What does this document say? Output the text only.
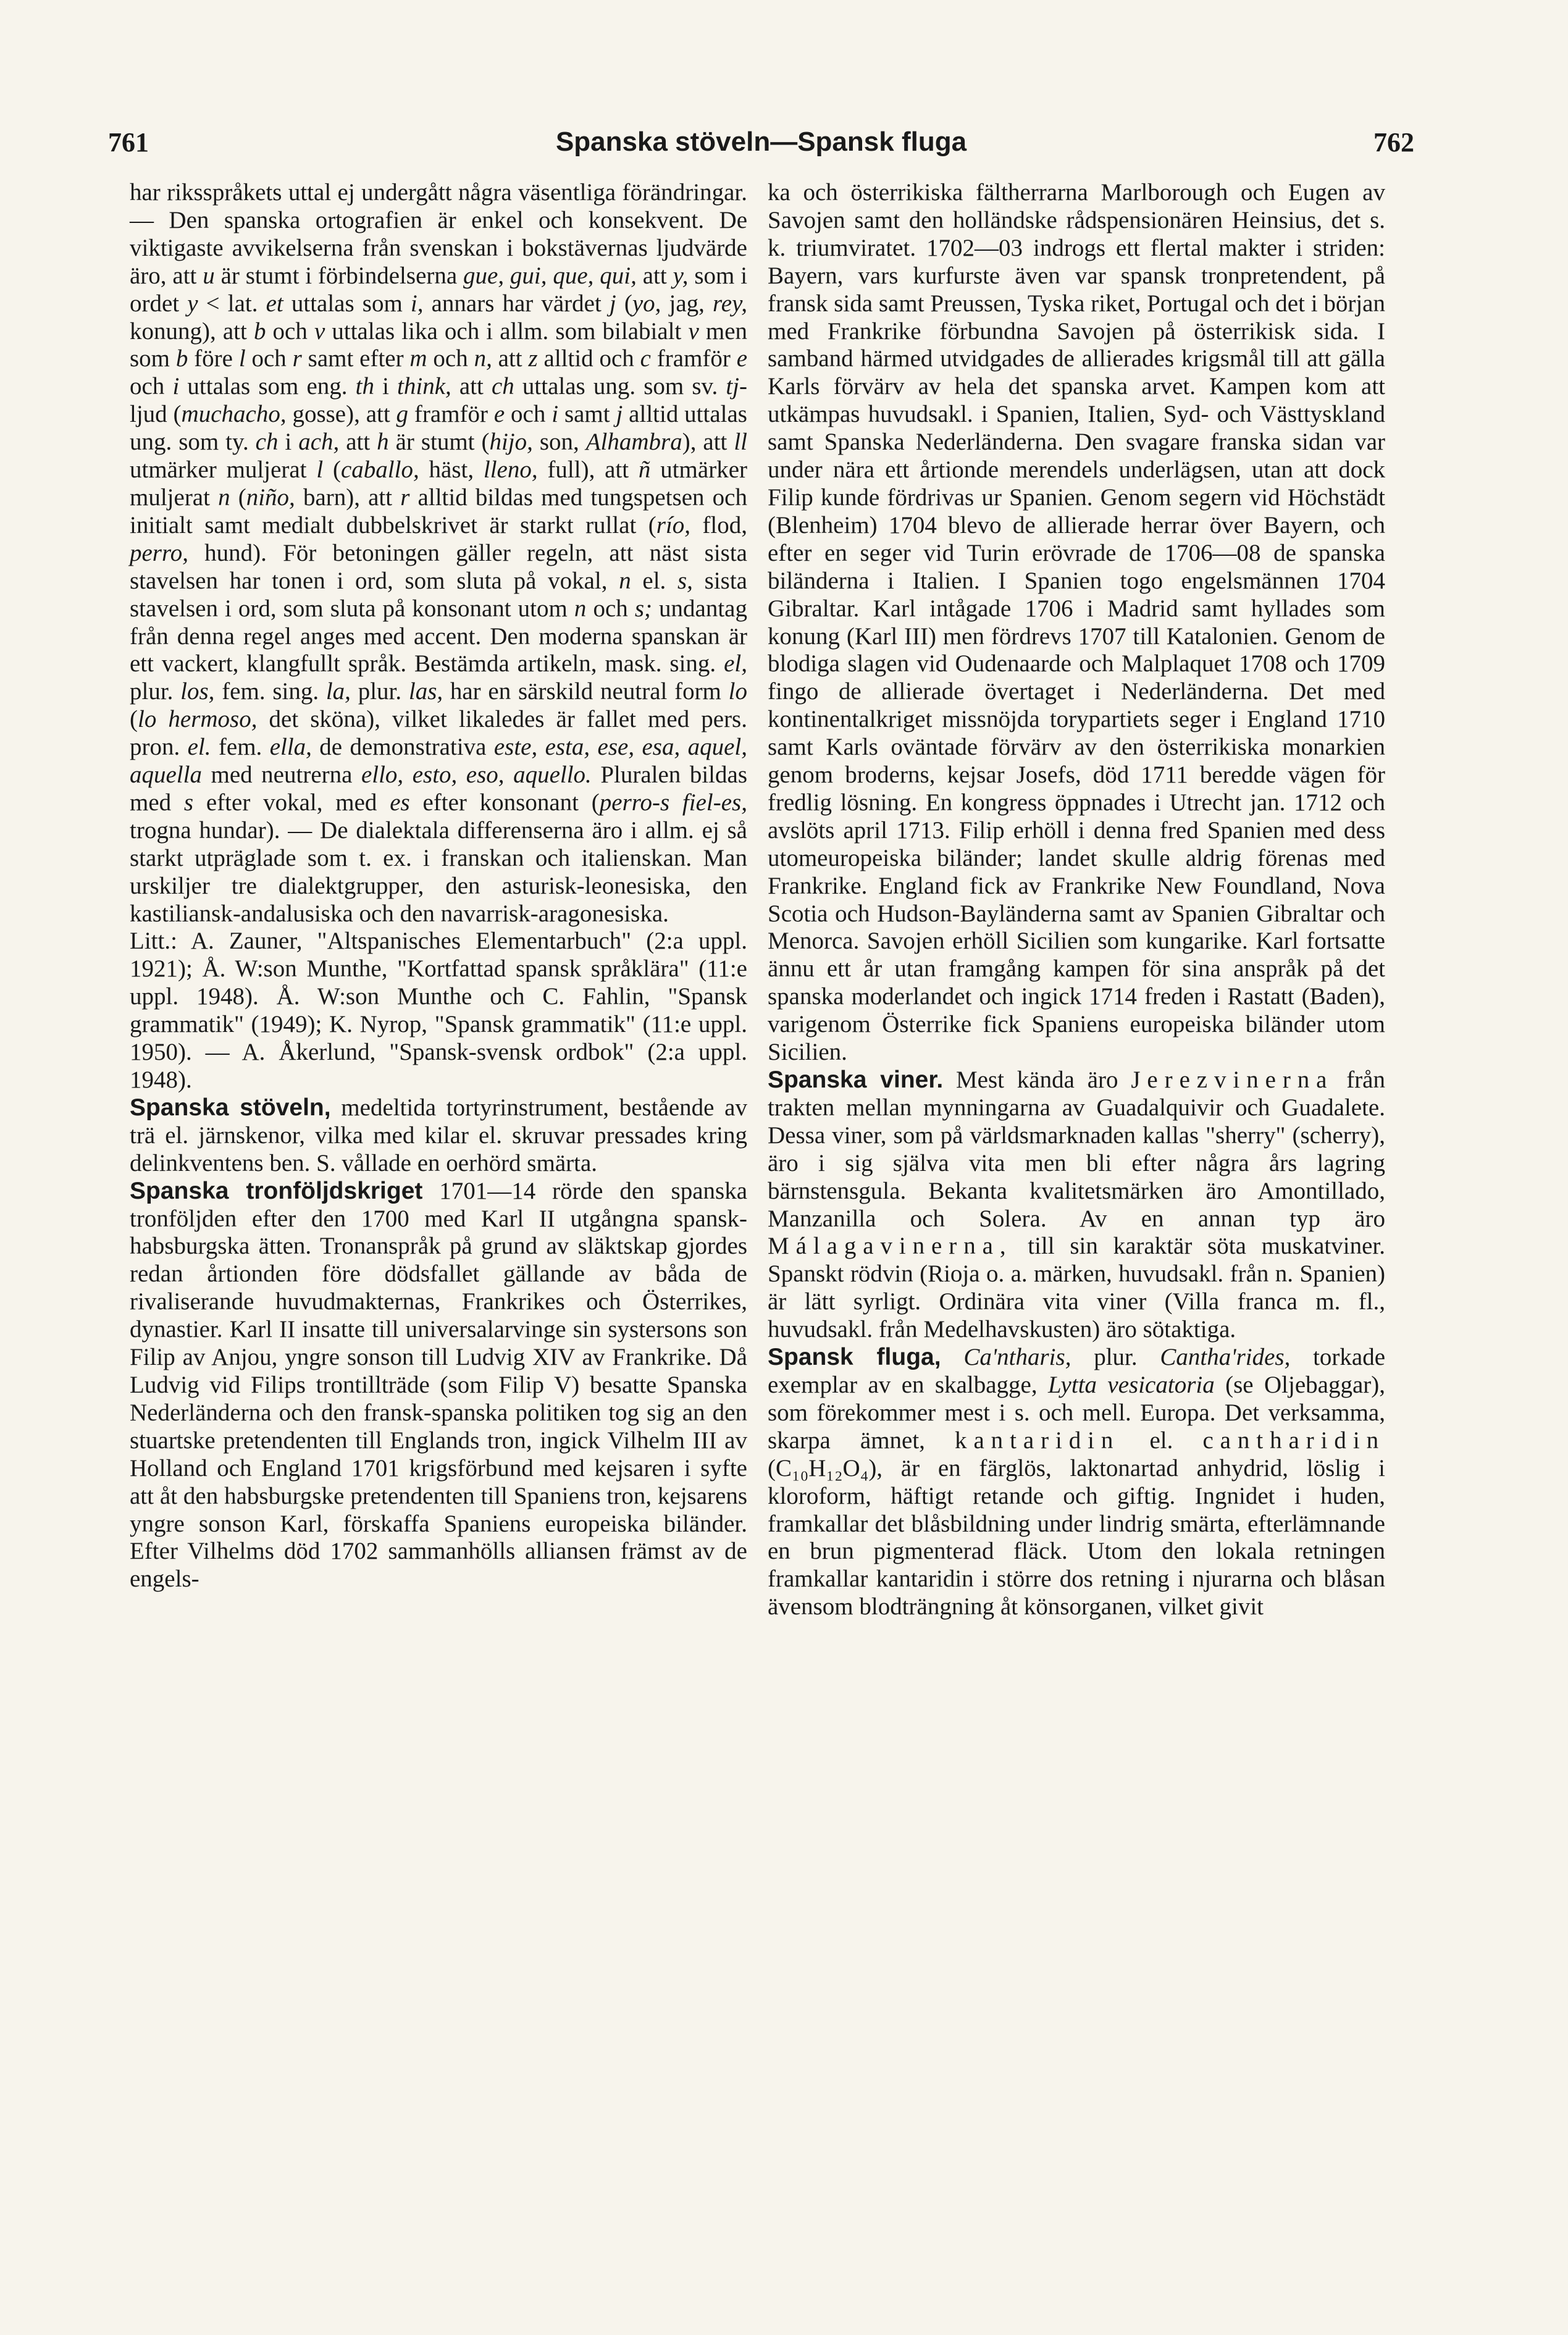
761	Spanska stöveln—Spansk fluga	762

har riksspråkets uttal ej undergått några väsentliga förändringar. — Den spanska ortografien är enkel och konsekvent. De viktigaste avvikelserna från svenskan i bokstävernas ljudvärde äro, att u är stumt i förbindelserna gue, gui, que, qui, att y, som i ordet y < lat. et uttalas som i, annars har värdet j (yo, jag, rey, konung), att b och v uttalas lika och i allm. som bilabialt v men som b före l och r samt efter m och n, att z alltid och c framför e och i uttalas som eng. th i think, att ch uttalas ung. som sv. tj-ljud (muchacho, gosse), att g framför e och i samt j alltid uttalas ung. som ty. ch i ach, att h är stumt (hijo, son, Alhambra), att ll utmärker muljerat l (caballo, häst, lleno, full), att ñ utmärker muljerat n (niño, barn), att r alltid bildas med tungspetsen och initialt samt medialt dubbelskrivet är starkt rullat (río, flod, perro, hund). För betoningen gäller regeln, att näst sista stavelsen har tonen i ord, som sluta på vokal, n el. s, sista stavelsen i ord, som sluta på konsonant utom n och s; undantag från denna regel anges med accent. Den moderna spanskan är ett vackert, klangfullt språk. Bestämda artikeln, mask. sing. el, plur. los, fem. sing. la, plur. las, har en särskild neutral form lo (lo hermoso, det sköna), vilket likaledes är fallet med pers. pron. el. fem. ella, de demonstrativa este, esta, ese, esa, aquel, aquella med neutrerna ello, esto, eso, aquello. Pluralen bildas med s efter vokal, med es efter konsonant (perro-s fiel-es, trogna hundar). — De dialektala differenserna äro i allm. ej så starkt utpräglade som t. ex. i franskan och italienskan. Man urskiljer tre dialektgrupper, den asturisk-leonesiska, den kastiliansk-andalusiska och den navarrisk-aragonesiska.

Litt.: A. Zauner, "Altspanisches Elementarbuch" (2:a uppl. 1921); Å. W:son Munthe, "Kortfattad spansk språklära" (11:e uppl. 1948). Å. W:son Munthe och C. Fahlin, "Spansk grammatik" (1949); K. Nyrop, "Spansk grammatik" (11:e uppl. 1950). — A. Åkerlund, "Spansk-svensk ordbok" (2:a uppl. 1948).

Spanska stöveln, medeltida tortyrinstrument, bestående av trä el. järnskenor, vilka med kilar el. skruvar pressades kring delinkventens ben. S. vållade en oerhörd smärta.

Spanska tronföljdskriget 1701—14 rörde den spanska tronföljden efter den 1700 med Karl II utgångna spansk-habsburgska ätten. Tronanspråk på grund av släktskap gjordes redan årtionden före dödsfallet gällande av båda de rivaliserande huvudmakternas, Frankrikes och Österrikes, dynastier. Karl II insatte till universalarvinge sin systersons son Filip av Anjou, yngre sonson till Ludvig XIV av Frankrike. Då Ludvig vid Filips trontillträde (som Filip V) besatte Spanska Nederländerna och den fransk-spanska politiken tog sig an den stuartske pretendenten till Englands tron, ingick Vilhelm III av Holland och England 1701 krigsförbund med kejsaren i syfte att åt den habsburgske pretendenten till Spaniens tron, kejsarens yngre sonson Karl, förskaffa Spaniens europeiska biländer. Efter Vilhelms död 1702 sammanhölls alliansen främst av de engels-

ka och österrikiska fältherrarna Marlborough och Eugen av Savojen samt den holländske rådspensionären Heinsius, det s. k. triumviratet. 1702—03 indrogs ett flertal makter i striden: Bayern, vars kurfurste även var spansk tronpretendent, på fransk sida samt Preussen, Tyska riket, Portugal och det i början med Frankrike förbundna Savojen på österrikisk sida. I samband härmed utvidgades de allierades krigsmål till att gälla Karls förvärv av hela det spanska arvet. Kampen kom att utkämpas huvudsakl. i Spanien, Italien, Syd- och Västtyskland samt Spanska Nederländerna. Den svagare franska sidan var under nära ett årtionde merendels underlägsen, utan att dock Filip kunde fördrivas ur Spanien. Genom segern vid Höchstädt (Blenheim) 1704 blevo de allierade herrar över Bayern, och efter en seger vid Turin erövrade de 1706—08 de spanska biländerna i Italien. I Spanien togo engelsmännen 1704 Gibraltar. Karl intågade 1706 i Madrid samt hyllades som konung (Karl III) men fördrevs 1707 till Katalonien. Genom de blodiga slagen vid Oudenaarde och Malplaquet 1708 och 1709 fingo de allierade övertaget i Nederländerna. Det med kontinentalkriget missnöjda torypartiets seger i England 1710 samt Karls oväntade förvärv av den österrikiska monarkien genom broderns, kejsar Josefs, död 1711 beredde vägen för fredlig lösning. En kongress öppnades i Utrecht jan. 1712 och avslöts april 1713. Filip erhöll i denna fred Spanien med dess utomeuropeiska biländer; landet skulle aldrig förenas med Frankrike. England fick av Frankrike New Foundland, Nova Scotia och Hudson-Bayländerna samt av Spanien Gibraltar och Menorca. Savojen erhöll Sicilien som kungarike. Karl fortsatte ännu ett år utan framgång kampen för sina anspråk på det spanska moderlandet och ingick 1714 freden i Rastatt (Baden), varigenom Österrike fick Spaniens europeiska biländer utom Sicilien.

Spanska viner. Mest kända äro Jerezvinerna från trakten mellan mynningarna av Guadalquivir och Guadalete. Dessa viner, som på världsmarknaden kallas "sherry" (scherry), äro i sig själva vita men bli efter några års lagring bärnstensgula. Bekanta kvalitetsmärken äro Amontillado, Manzanilla och Solera. Av en annan typ äro Málagavinerna, till sin karaktär söta muskatviner. Spanskt rödvin (Rioja o. a. märken, huvudsakl. från n. Spanien) är lätt syrligt. Ordinära vita viner (Villa franca m. fl., huvudsakl. från Medelhavskusten) äro sötaktiga.

Spansk fluga, Ca'ntharis, plur. Cantha'rides, torkade exemplar av en skalbagge, Lytta vesicatoria (se Oljebaggar), som förekommer mest i s. och mell. Europa. Det verksamma, skarpa ämnet, kantaridin el. cantharidin (C₁₀H₁₂O₄), är en färglös, laktonartad anhydrid, löslig i kloroform, häftigt retande och giftig. Ingnidet i huden, framkallar det blåsbildning under lindrig smärta, efterlämnande en brun pigmenterad fläck. Utom den lokala retningen framkallar kantaridin i större dos retning i njurarna och blåsan ävensom blodträngning åt könsorganen, vilket givit
